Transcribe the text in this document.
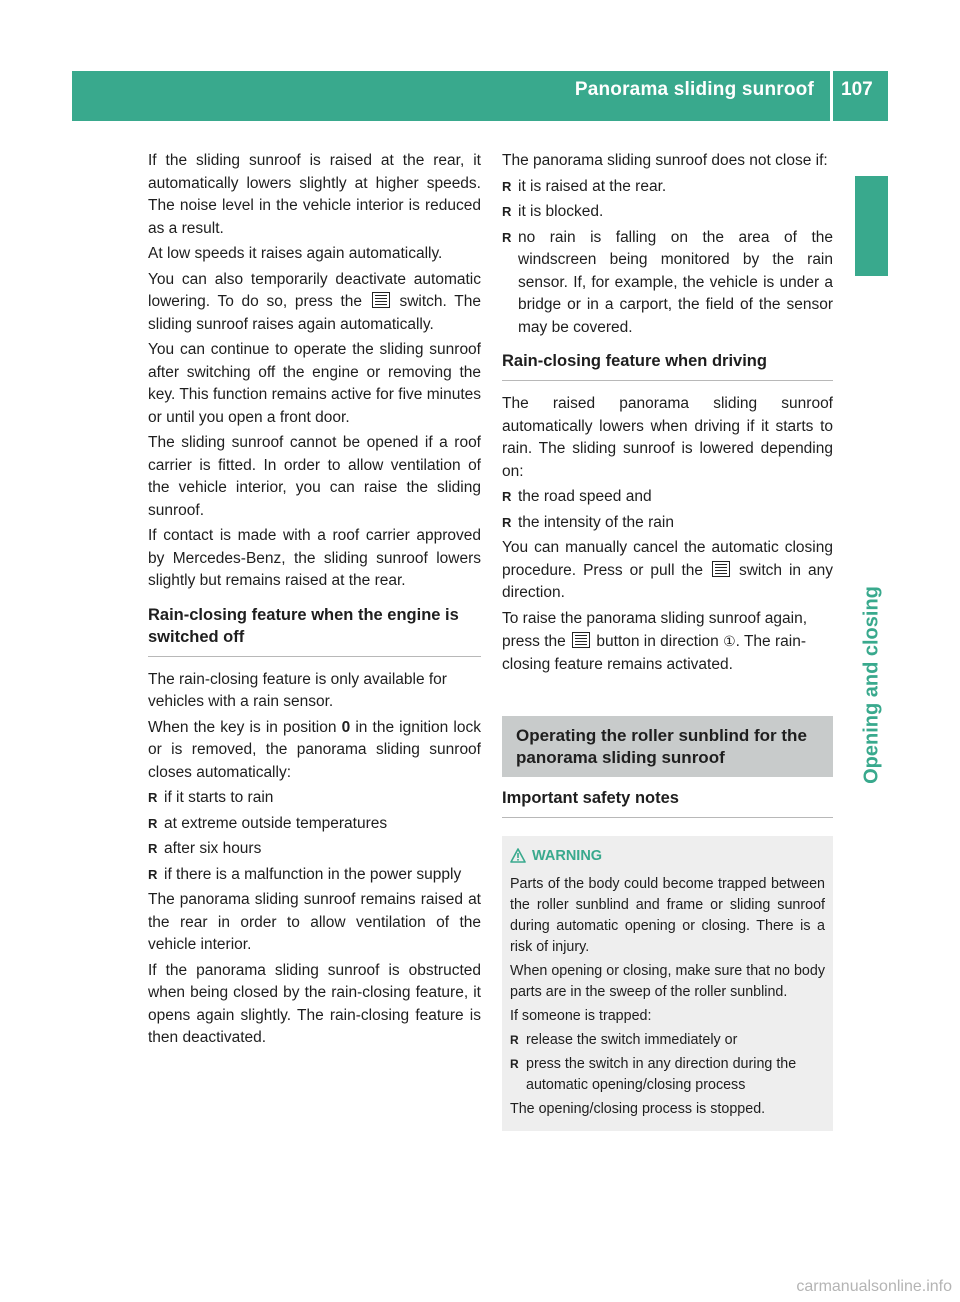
Panorama sliding sunroof 107
Opening and closing

If the sliding sunroof is raised at the rear, it automatically lowers slightly at higher speeds. The noise level in the vehicle interior is reduced as a result.

At low speeds it raises again automatically.

You can also temporarily deactivate automatic lowering. To do so, press the switch. The sliding sunroof raises again automatically.

You can continue to operate the sliding sunroof after switching off the engine or removing the key. This function remains active for five minutes or until you open a front door.

The sliding sunroof cannot be opened if a roof carrier is fitted. In order to allow ventilation of the vehicle interior, you can raise the sliding sunroof.

If contact is made with a roof carrier approved by Mercedes-Benz, the sliding sunroof lowers slightly but remains raised at the rear.

Rain-closing feature when the engine is switched off

The rain-closing feature is only available for vehicles with a rain sensor.

When the key is in position 0 in the ignition lock or is removed, the panorama sliding sunroof closes automatically:

R if it starts to rain
R at extreme outside temperatures
R after six hours
R if there is a malfunction in the power supply

The panorama sliding sunroof remains raised at the rear in order to allow ventilation of the vehicle interior.

If the panorama sliding sunroof is obstructed when being closed by the rain-closing feature, it opens again slightly. The rain-closing feature is then deactivated.

The panorama sliding sunroof does not close if:

R it is raised at the rear.
R it is blocked.
R no rain is falling on the area of the windscreen being monitored by the rain sensor. If, for example, the vehicle is under a bridge or in a carport, the field of the sensor may be covered.
Rain-closing feature when driving

The raised panorama sliding sunroof automatically lowers when driving if it starts to rain. The sliding sunroof is lowered depending on:

R the road speed and
R the intensity of the rain

You can manually cancel the automatic closing procedure. Press or pull the switch in any direction.

To raise the panorama sliding sunroof again, press the button in direction ①. The rain-closing feature remains activated.

Operating the roller sunblind for the panorama sliding sunroof
Important safety notes
WARNING

Parts of the body could become trapped between the roller sunblind and frame or sliding sunroof during automatic opening or closing. There is a risk of injury.

When opening or closing, make sure that no body parts are in the sweep of the roller sunblind.

If someone is trapped:

R release the switch immediately or
R press the switch in any direction during the automatic opening/closing process

The opening/closing process is stopped.

carmanualsonline.info
